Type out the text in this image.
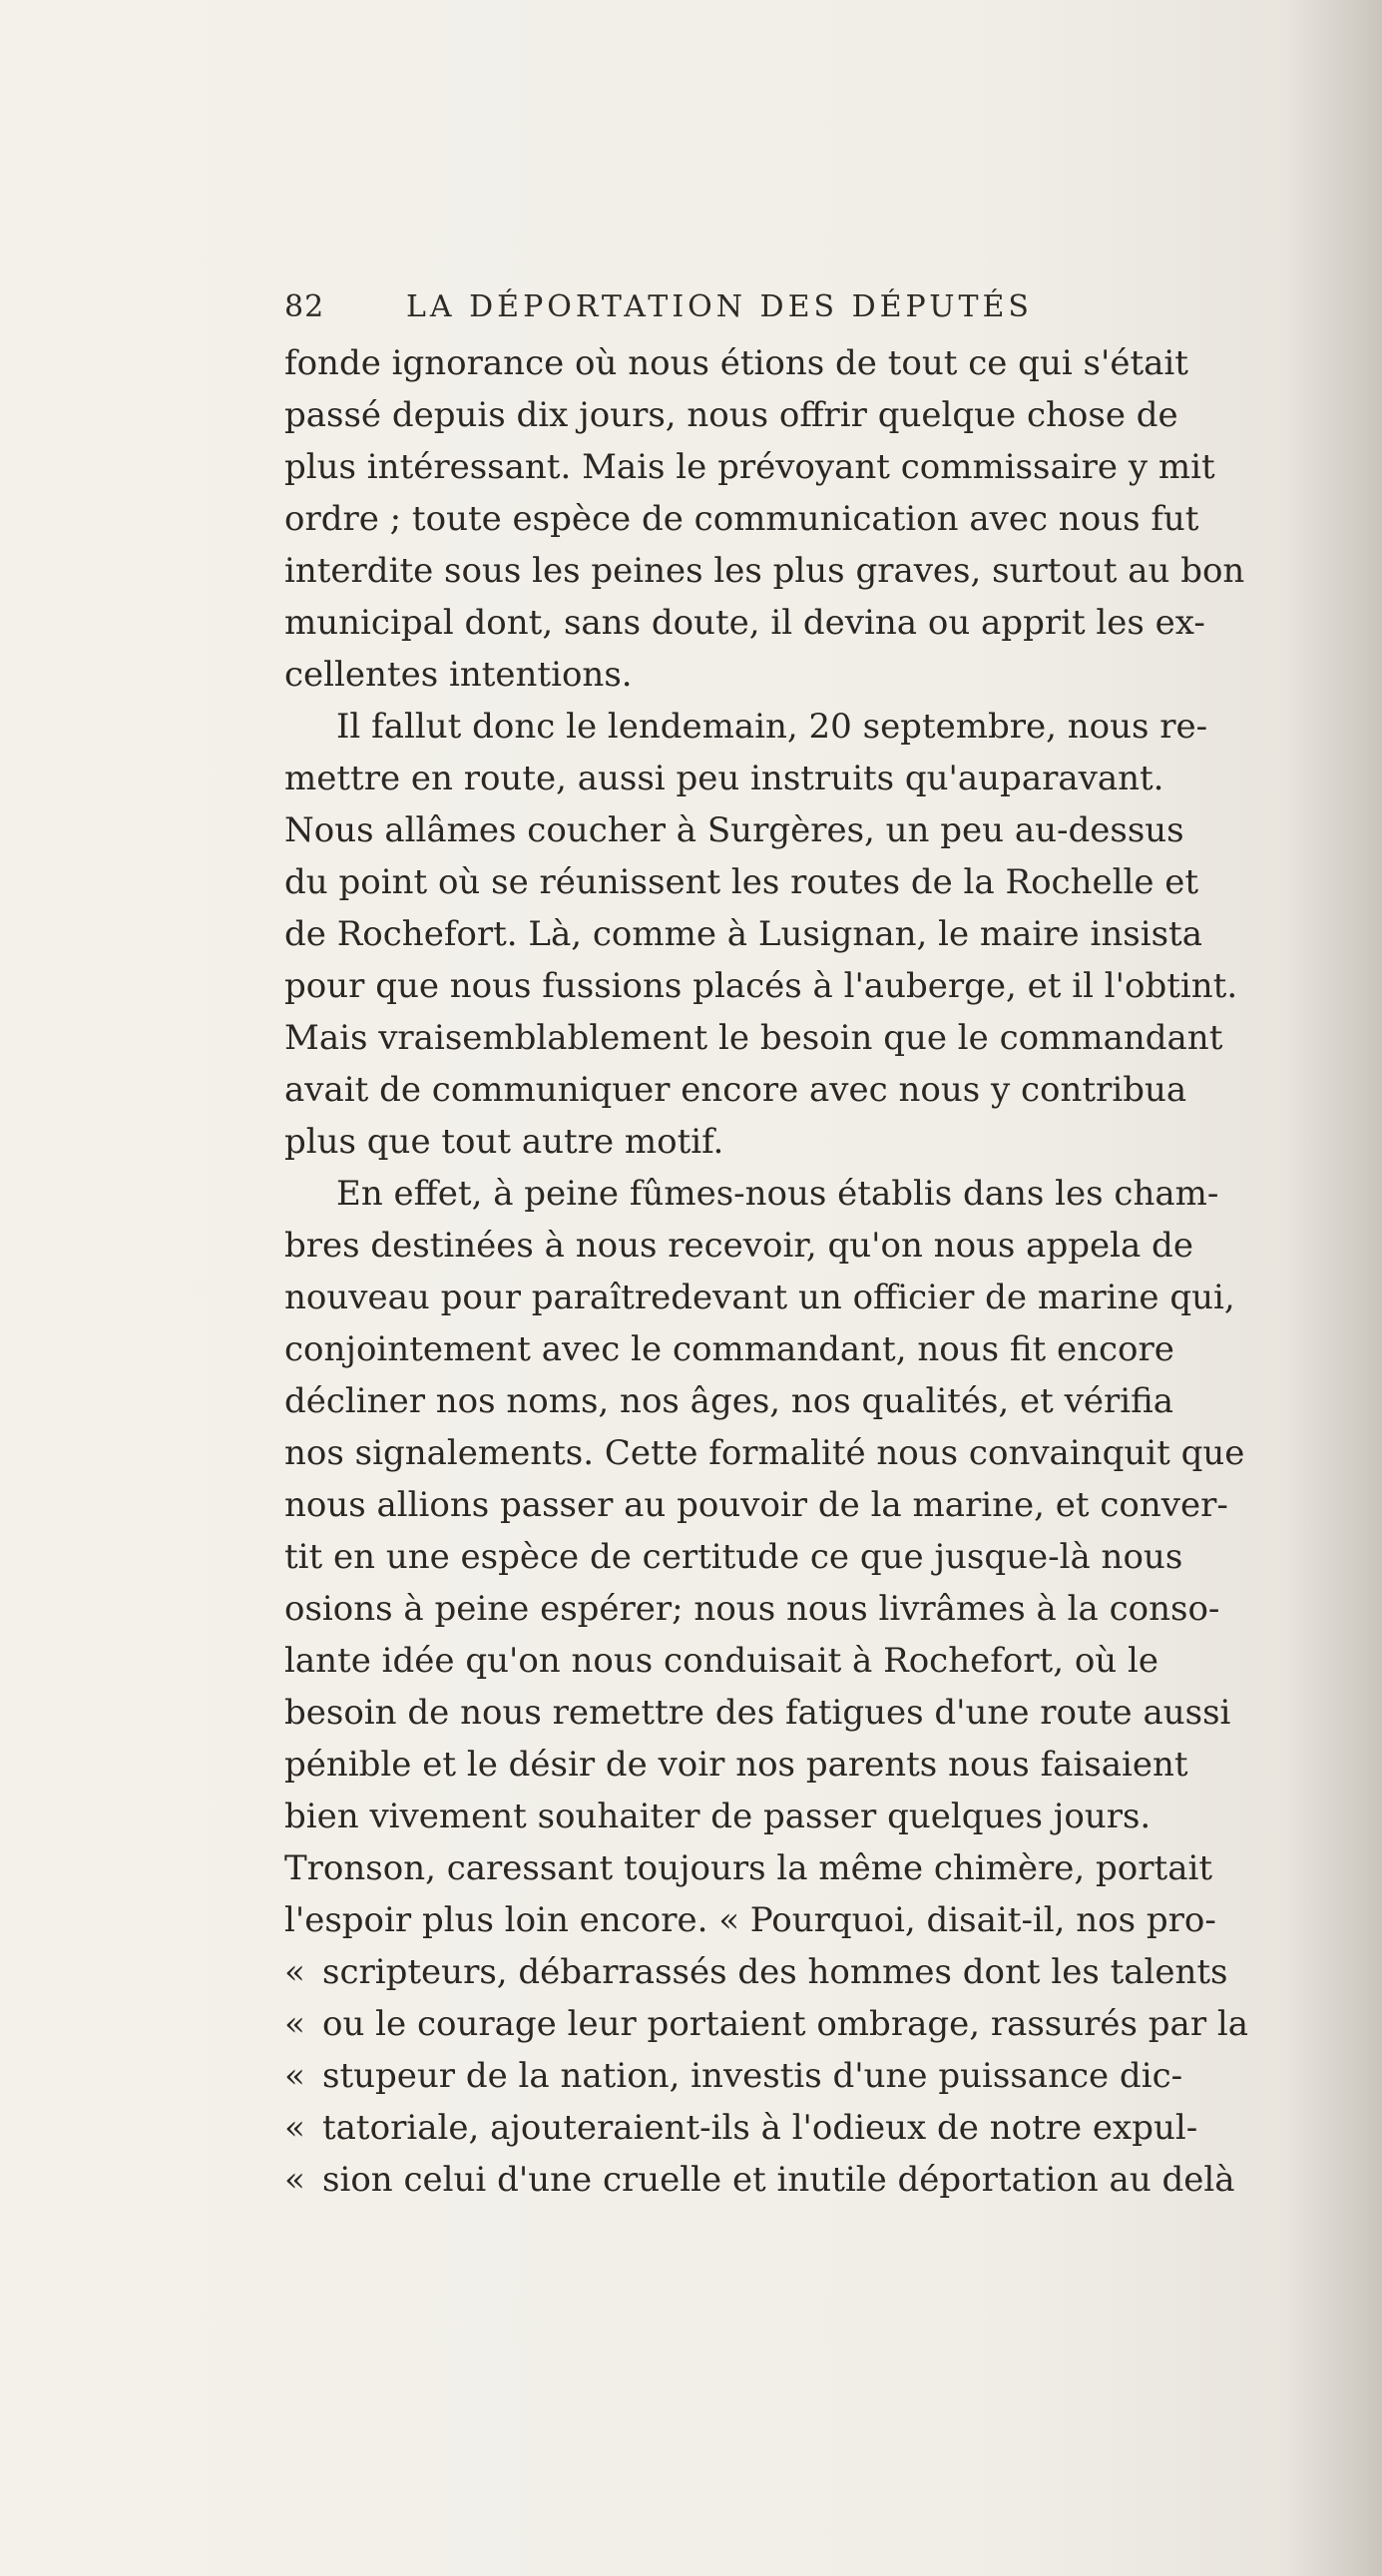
82	LA DÉPORTATION DES DÉPUTÉS
fonde ignorance où nous étions de tout ce qui s'était
passé depuis dix jours, nous offrir quelque chose de
plus intéressant. Mais le prévoyant commissaire y mit
ordre ; toute espèce de communication avec nous fut
interdite sous les peines les plus graves, surtout au bon
municipal dont, sans doute, il devina ou apprit les ex-
cellentes intentions.
Il fallut donc le lendemain, 20 septembre, nous re-
mettre en route, aussi peu instruits qu'auparavant.
Nous allâmes coucher à Surgères, un peu au-dessus
du point où se réunissent les routes de la Rochelle et
de Rochefort. Là, comme à Lusignan, le maire insista
pour que nous fussions placés à l'auberge, et il l'obtint.
Mais vraisemblablement le besoin que le commandant
avait de communiquer encore avec nous y contribua
plus que tout autre motif.
En effet, à peine fûmes-nous établis dans les cham-
bres destinées à nous recevoir, qu'on nous appela de
nouveau pour paraîtredevant un officier de marine qui,
conjointement avec le commandant, nous fit encore
décliner nos noms, nos âges, nos qualités, et vérifia
nos signalements. Cette formalité nous convainquit que
nous allions passer au pouvoir de la marine, et conver-
tit en une espèce de certitude ce que jusque-là nous
osions à peine espérer; nous nous livrâmes à la conso-
lante idée qu'on nous conduisait à Rochefort, où le
besoin de nous remettre des fatigues d'une route aussi
pénible et le désir de voir nos parents nous faisaient
bien vivement souhaiter de passer quelques jours.
Tronson, caressant toujours la même chimère, portait
l'espoir plus loin encore. « Pourquoi, disait-il, nos pro-
« scripteurs, débarrassés des hommes dont les talents
« ou le courage leur portaient ombrage, rassurés par la
« stupeur de la nation, investis d'une puissance dic-
« tatoriale, ajouteraient-ils à l'odieux de notre expul-
« sion celui d'une cruelle et inutile déportation au delà
